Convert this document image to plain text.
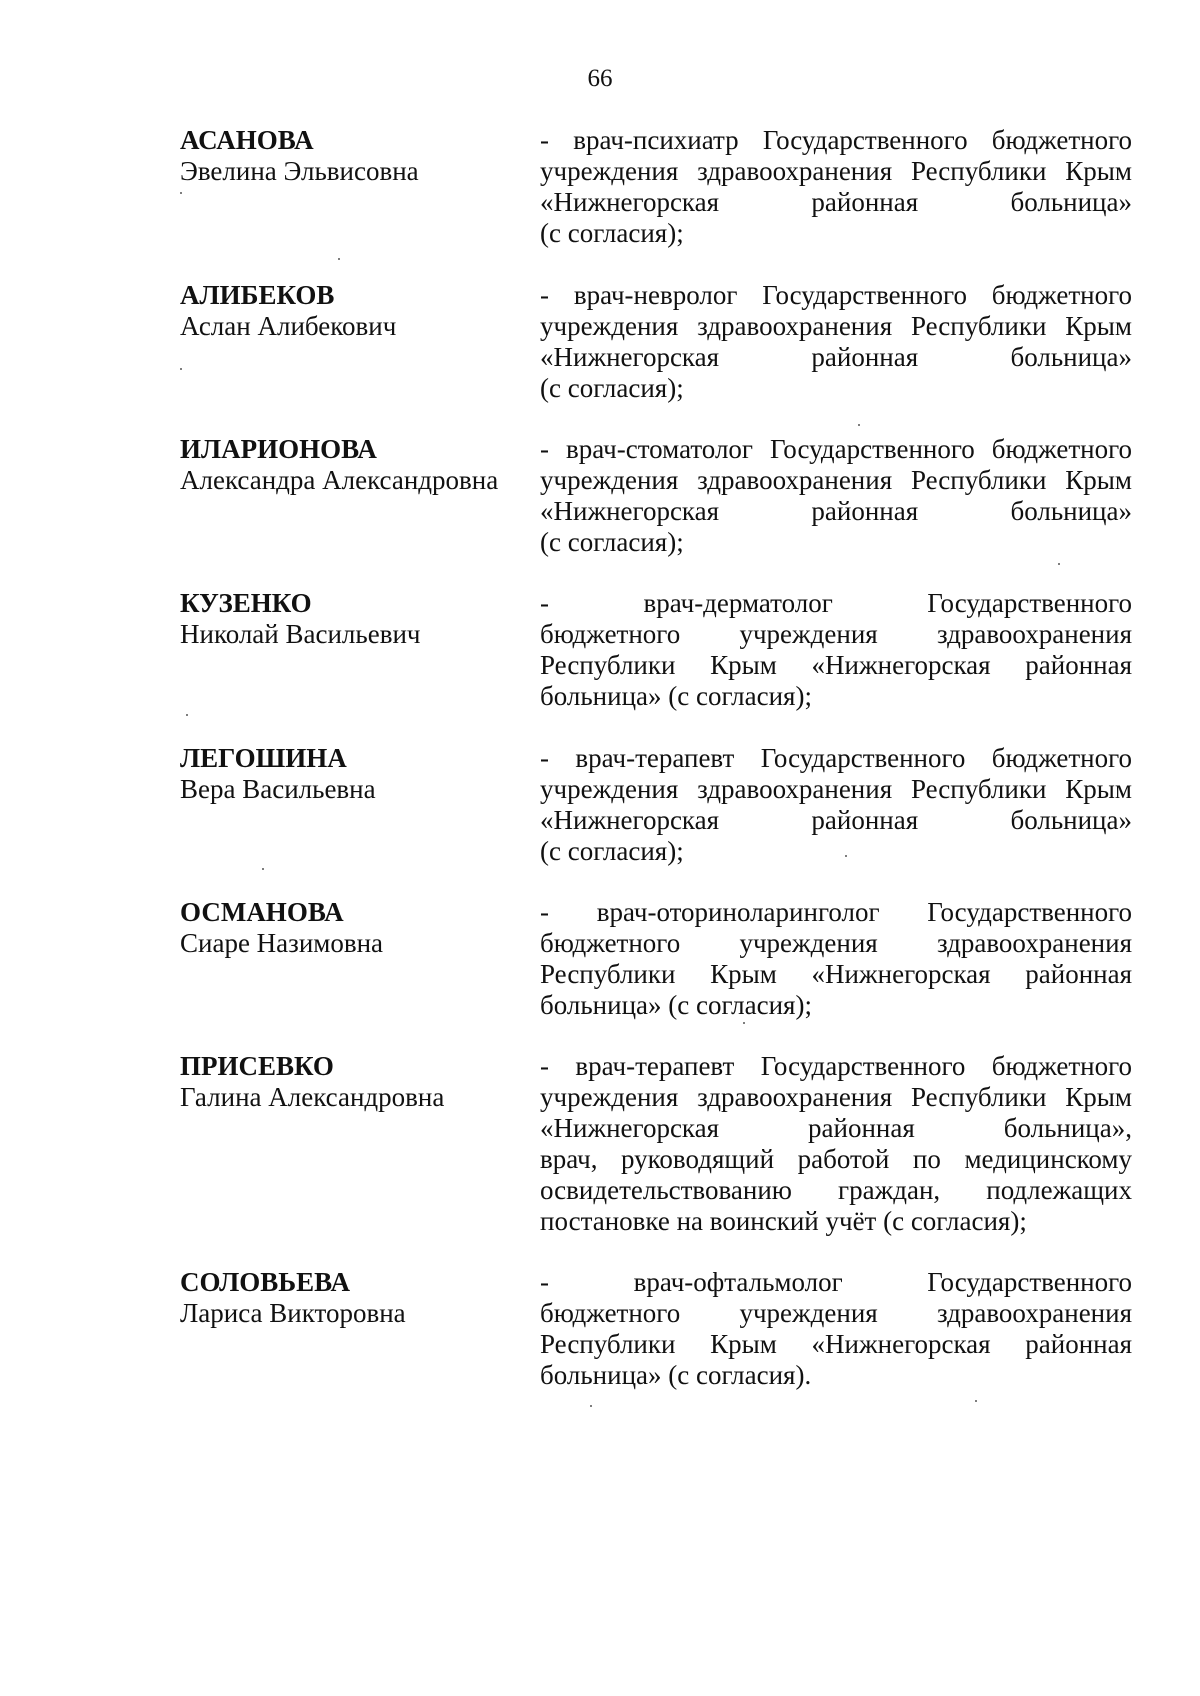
66
АСАНОВА
Эвелина Эльвисовна
- врач-психиатр Государственного бюджетного
учреждения здравоохранения Республики Крым
«Нижнегорская районная больница»
(с согласия);
АЛИБЕКОВ
Аслан Алибекович
- врач-невролог Государственного бюджетного
учреждения здравоохранения Республики Крым
«Нижнегорская районная больница»
(с согласия);
ИЛАРИОНОВА
Александра Александровна
- врач-стоматолог Государственного бюджетного
учреждения здравоохранения Республики Крым
«Нижнегорская районная больница»
(с согласия);
КУЗЕНКО
Николай Васильевич
- врач-дерматолог Государственного
бюджетного учреждения здравоохранения
Республики Крым «Нижнегорская районная
больница» (с согласия);
ЛЕГОШИНА
Вера Васильевна
- врач-терапевт Государственного бюджетного
учреждения здравоохранения Республики Крым
«Нижнегорская районная больница»
(с согласия);
ОСМАНОВА
Сиаре Назимовна
- врач-оториноларинголог Государственного
бюджетного учреждения здравоохранения
Республики Крым «Нижнегорская районная
больница» (с согласия);
ПРИСЕВКО
Галина Александровна
- врач-терапевт Государственного бюджетного
учреждения здравоохранения Республики Крым
«Нижнегорская районная больница»,
врач, руководящий работой по медицинскому
освидетельствованию граждан, подлежащих
постановке на воинский учёт (с согласия);
СОЛОВЬЕВА
Лариса Викторовна
- врач-офтальмолог Государственного
бюджетного учреждения здравоохранения
Республики Крым «Нижнегорская районная
больница» (с согласия).
